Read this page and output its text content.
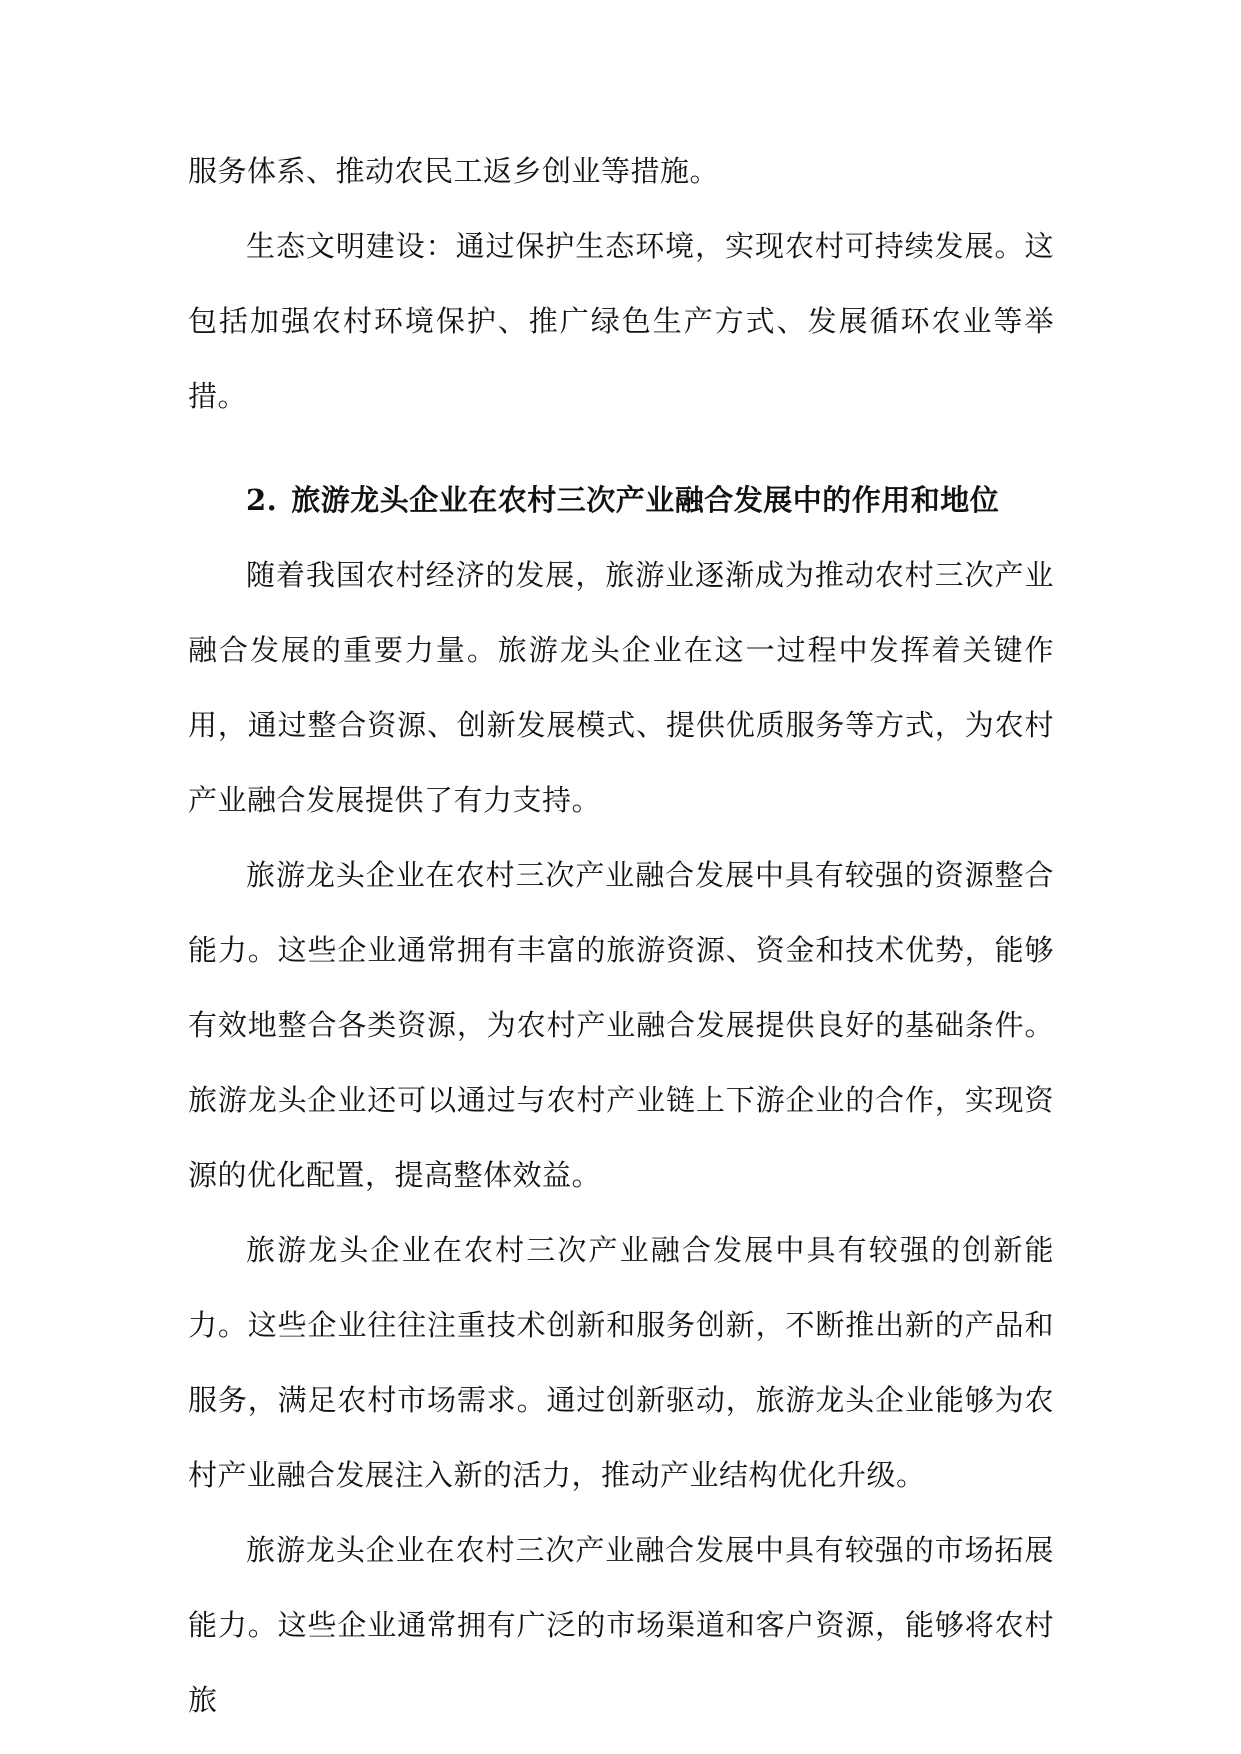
服务体系、推动农民工返乡创业等措施。

生态文明建设：通过保护生态环境，实现农村可持续发展。这包括加强农村环境保护、推广绿色生产方式、发展循环农业等举措。

2. 旅游龙头企业在农村三次产业融合发展中的作用和地位

随着我国农村经济的发展，旅游业逐渐成为推动农村三次产业融合发展的重要力量。旅游龙头企业在这一过程中发挥着关键作用，通过整合资源、创新发展模式、提供优质服务等方式，为农村产业融合发展提供了有力支持。

旅游龙头企业在农村三次产业融合发展中具有较强的资源整合能力。这些企业通常拥有丰富的旅游资源、资金和技术优势，能够有效地整合各类资源，为农村产业融合发展提供良好的基础条件。旅游龙头企业还可以通过与农村产业链上下游企业的合作，实现资源的优化配置，提高整体效益。

旅游龙头企业在农村三次产业融合发展中具有较强的创新能力。这些企业往往注重技术创新和服务创新，不断推出新的产品和服务，满足农村市场需求。通过创新驱动，旅游龙头企业能够为农村产业融合发展注入新的活力，推动产业结构优化升级。

旅游龙头企业在农村三次产业融合发展中具有较强的市场拓展能力。这些企业通常拥有广泛的市场渠道和客户资源，能够将农村旅
